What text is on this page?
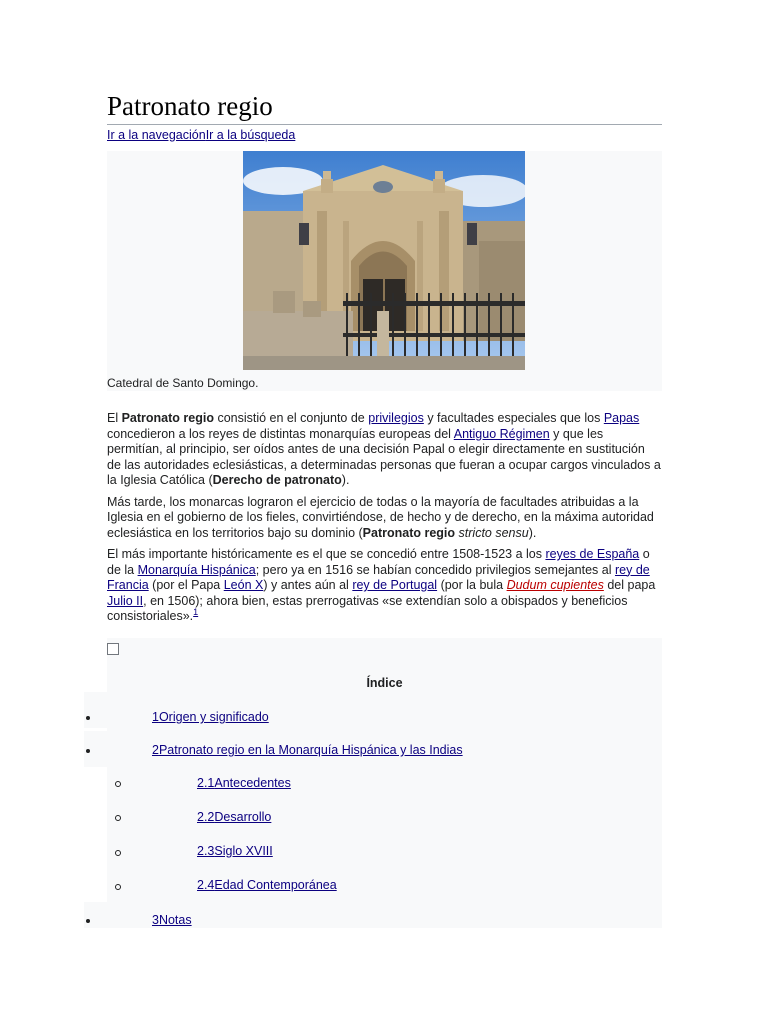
Patronato regio
Ir a la navegaciónIr a la búsqueda
Catedral de Santo Domingo.

El Patronato regio consistió en el conjunto de privilegios y facultades especiales que los Papas concedieron a los reyes de distintas monarquías europeas del Antiguo Régimen y que les permitían, al principio, ser oídos antes de una decisión Papal o elegir directamente en sustitución de las autoridades eclesiásticas, a determinadas personas que fueran a ocupar cargos vinculados a la Iglesia Católica (Derecho de patronato).

Más tarde, los monarcas lograron el ejercicio de todas o la mayoría de facultades atribuidas a la Iglesia en el gobierno de los fieles, convirtiéndose, de hecho y de derecho, en la máxima autoridad eclesiástica en los territorios bajo su dominio (Patronato regio stricto sensu).

El más importante históricamente es el que se concedió entre 1508-1523 a los reyes de España o de la Monarquía Hispánica; pero ya en 1516 se habían concedido privilegios semejantes al rey de Francia (por el Papa León X) y antes aún al rey de Portugal (por la bula Dudum cupientes del papa Julio II, en 1506); ahora bien, estas prerrogativas «se extendían solo a obispados y beneficios consistoriales».$^1$

Índice
1Origen y significado
2Patronato regio en la Monarquía Hispánica y las Indias
2.1Antecedentes
2.2Desarrollo
2.3Siglo XVIII
2.4Edad Contemporánea
3Notas
